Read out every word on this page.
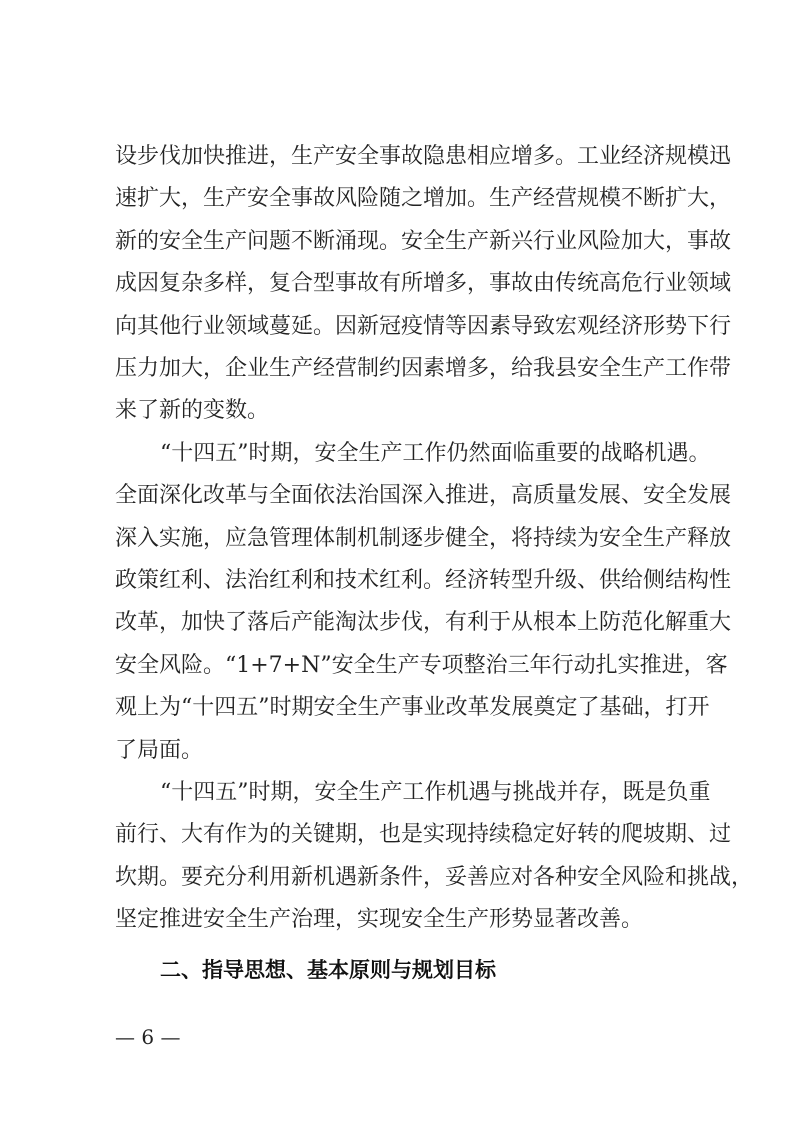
设步伐加快推进，生产安全事故隐患相应增多。工业经济规模迅
速扩大，生产安全事故风险随之增加。生产经营规模不断扩大，
新的安全生产问题不断涌现。安全生产新兴行业风险加大，事故
成因复杂多样，复合型事故有所增多，事故由传统高危行业领域
向其他行业领域蔓延。因新冠疫情等因素导致宏观经济形势下行
压力加大，企业生产经营制约因素增多，给我县安全生产工作带
来了新的变数。
“十四五”时期，安全生产工作仍然面临重要的战略机遇。
全面深化改革与全面依法治国深入推进，高质量发展、安全发展
深入实施，应急管理体制机制逐步健全，将持续为安全生产释放
政策红利、法治红利和技术红利。经济转型升级、供给侧结构性
改革，加快了落后产能淘汰步伐，有利于从根本上防范化解重大
安全风险。“1+7+N”安全生产专项整治三年行动扎实推进，客
观上为“十四五”时期安全生产事业改革发展奠定了基础，打开
了局面。
“十四五”时期，安全生产工作机遇与挑战并存，既是负重
前行、大有作为的关键期，也是实现持续稳定好转的爬坡期、过
坎期。要充分利用新机遇新条件，妥善应对各种安全风险和挑战，
坚定推进安全生产治理，实现安全生产形势显著改善。
二、指导思想、基本原则与规划目标
— 6 —
